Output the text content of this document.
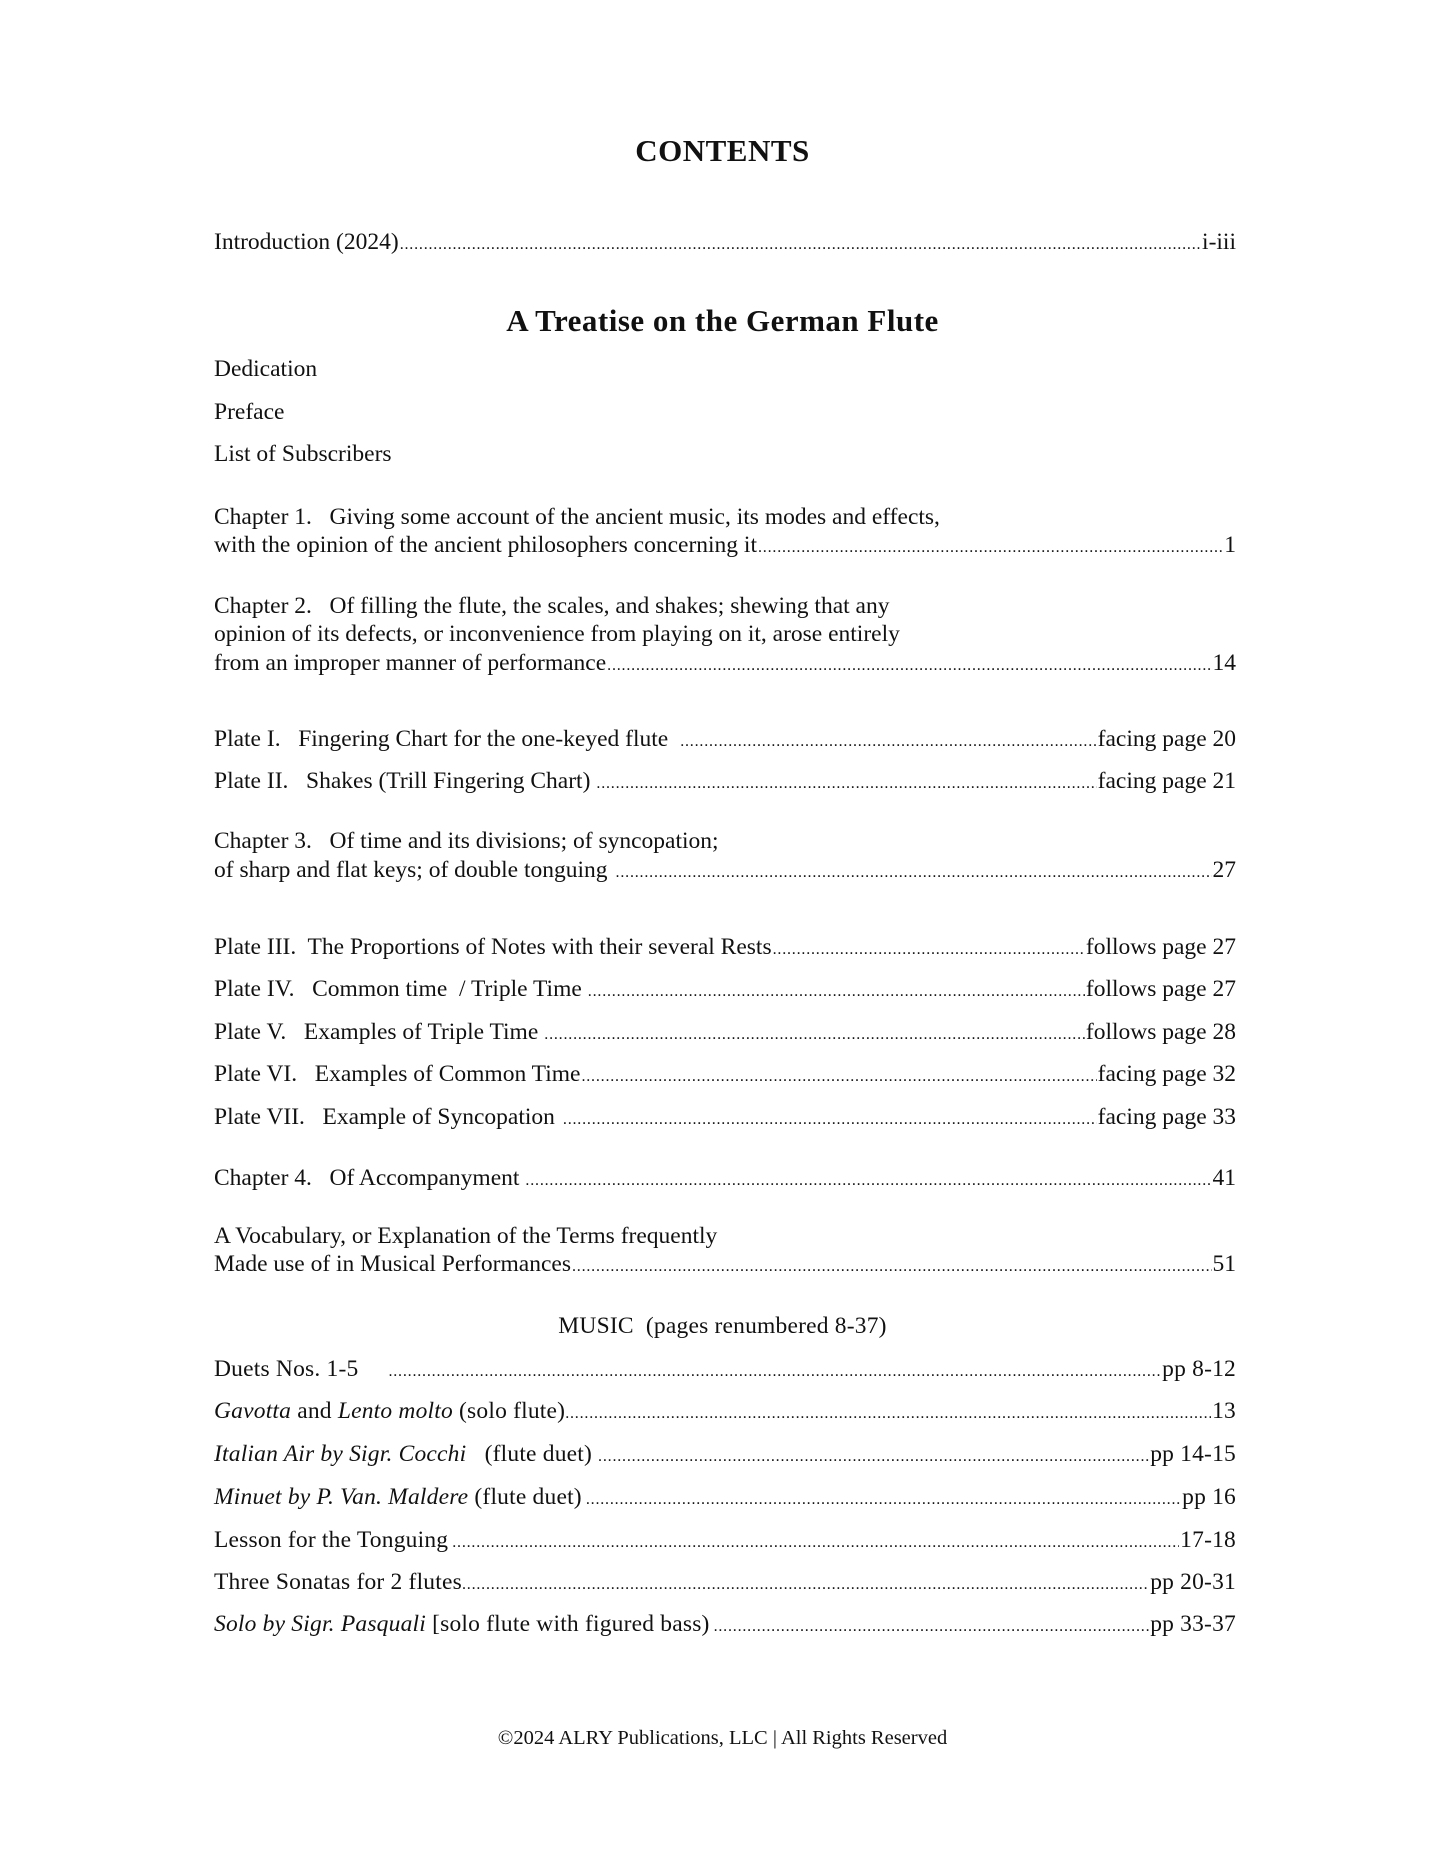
CONTENTS
Introduction (2024) . . .	i-iii
A Treatise on the German Flute
Dedication
Preface
List of Subscribers
Chapter 1.   Giving some account of the ancient music, its modes and effects,
with the opinion of the ancient philosophers concerning it . . .	1
Chapter 2.   Of filling the flute, the scales, and shakes; shewing that any
opinion of its defects, or inconvenience from playing on it, arose entirely
from an improper manner of performance . . .	14
Plate I.   Fingering Chart for the one-keyed flute . . .	facing page 20
Plate II.   Shakes (Trill Fingering Chart) . . .	facing page 21
Chapter 3.   Of time and its divisions; of syncopation;
of sharp and flat keys; of double tonguing . . .	27
Plate III.  The Proportions of Notes with their several Rests . . .	follows page 27
Plate IV.   Common time  / Triple Time . . .	follows page 27
Plate V.   Examples of Triple Time . . .	follows page 28
Plate VI.   Examples of Common Time . . .	facing page 32
Plate VII.   Example of Syncopation . . .	facing page 33
Chapter 4.   Of Accompanyment . . .	41
A Vocabulary, or Explanation of the Terms frequently
Made use of in Musical Performances . . .	51
MUSIC  (pages renumbered 8-37)
Duets Nos. 1-5 . . .	pp 8-12
Gavotta and Lento molto (solo flute) . . .	13
Italian Air by Sigr. Cocchi   (flute duet) . . .	pp 14-15
Minuet by P. Van. Maldere (flute duet) . . .	pp 16
Lesson for the Tonguing . . .	17-18
Three Sonatas for 2 flutes . . .	pp 20-31
Solo by Sigr. Pasquali [solo flute with figured bass) . . .	pp 33-37
©2024 ALRY Publications, LLC | All Rights Reserved
